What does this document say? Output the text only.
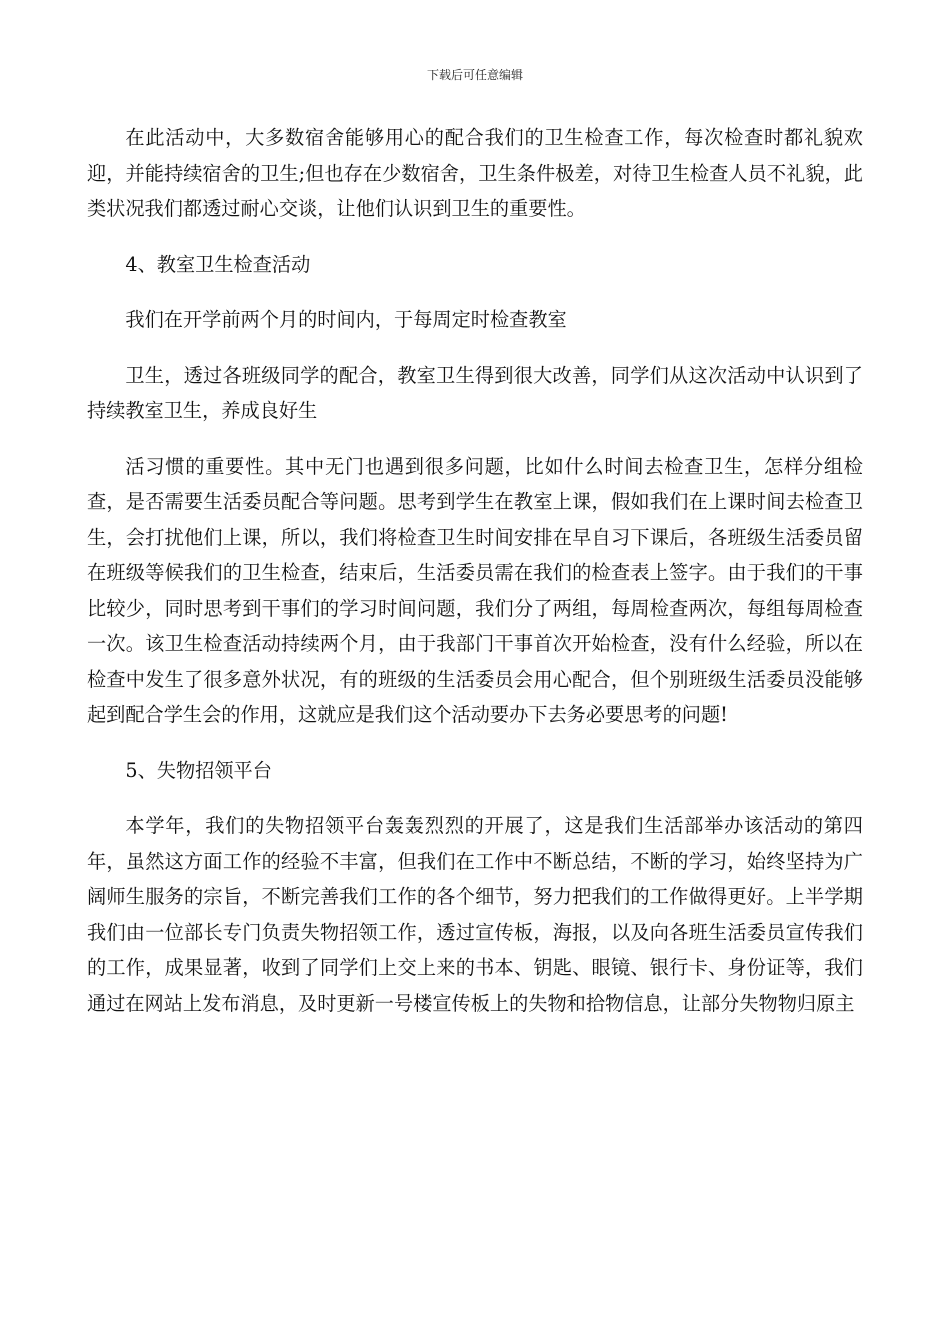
下载后可任意编辑

在此活动中，大多数宿舍能够用心的配合我们的卫生检查工作，每次检查时都礼貌欢迎，并能持续宿舍的卫生;但也存在少数宿舍，卫生条件极差，对待卫生检查人员不礼貌，此类状况我们都透过耐心交谈，让他们认识到卫生的重要性。

4、教室卫生检查活动

我们在开学前两个月的时间内，于每周定时检查教室

卫生，透过各班级同学的配合，教室卫生得到很大改善，同学们从这次活动中认识到了持续教室卫生，养成良好生

活习惯的重要性。其中无门也遇到很多问题，比如什么时间去检查卫生，怎样分组检查，是否需要生活委员配合等问题。思考到学生在教室上课，假如我们在上课时间去检查卫生，会打扰他们上课，所以，我们将检查卫生时间安排在早自习下课后，各班级生活委员留在班级等候我们的卫生检查，结束后，生活委员需在我们的检查表上签字。由于我们的干事比较少，同时思考到干事们的学习时间问题，我们分了两组，每周检查两次，每组每周检查一次。该卫生检查活动持续两个月，由于我部门干事首次开始检查，没有什么经验，所以在检查中发生了很多意外状况，有的班级的生活委员会用心配合，但个别班级生活委员没能够起到配合学生会的作用，这就应是我们这个活动要办下去务必要思考的问题!

5、失物招领平台

本学年，我们的失物招领平台轰轰烈烈的开展了，这是我们生活部举办该活动的第四年，虽然这方面工作的经验不丰富，但我们在工作中不断总结，不断的学习，始终坚持为广阔师生服务的宗旨，不断完善我们工作的各个细节，努力把我们的工作做得更好。上半学期我们由一位部长专门负责失物招领工作，透过宣传板，海报，以及向各班生活委员宣传我们的工作，成果显著，收到了同学们上交上来的书本、钥匙、眼镜、银行卡、身份证等，我们通过在网站上发布消息，及时更新一号楼宣传板上的失物和拾物信息，让部分失物物归原主
